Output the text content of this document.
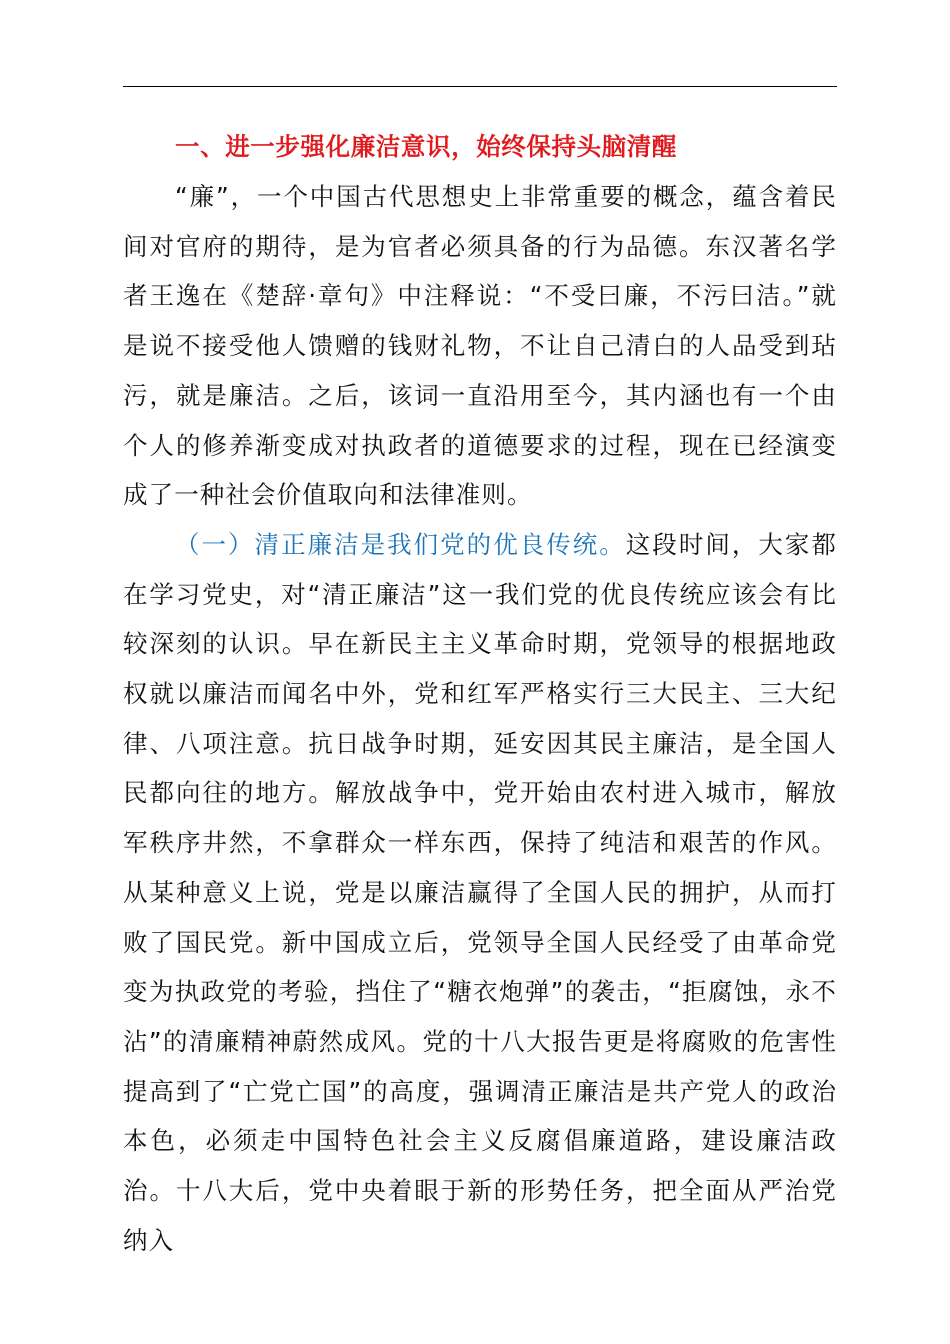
一、进一步强化廉洁意识，始终保持头脑清醒

“廉”，一个中国古代思想史上非常重要的概念，蕴含着民间对官府的期待，是为官者必须具备的行为品德。东汉著名学者王逸在《楚辞·章句》中注释说：“不受曰廉，不污曰洁。”就是说不接受他人馈赠的钱财礼物，不让自己清白的人品受到玷污，就是廉洁。之后，该词一直沿用至今，其内涵也有一个由个人的修养渐变成对执政者的道德要求的过程，现在已经演变成了一种社会价值取向和法律准则。

（一）清正廉洁是我们党的优良传统。这段时间，大家都在学习党史，对“清正廉洁”这一我们党的优良传统应该会有比较深刻的认识。早在新民主主义革命时期，党领导的根据地政权就以廉洁而闻名中外，党和红军严格实行三大民主、三大纪律、八项注意。抗日战争时期，延安因其民主廉洁，是全国人民都向往的地方。解放战争中，党开始由农村进入城市，解放军秩序井然，不拿群众一样东西，保持了纯洁和艰苦的作风。从某种意义上说，党是以廉洁赢得了全国人民的拥护，从而打败了国民党。新中国成立后，党领导全国人民经受了由革命党变为执政党的考验，挡住了“糖衣炮弹”的袭击，“拒腐蚀，永不沾”的清廉精神蔚然成风。党的十八大报告更是将腐败的危害性提高到了“亡党亡国”的高度，强调清正廉洁是共产党人的政治本色，必须走中国特色社会主义反腐倡廉道路，建设廉洁政治。十八大后，党中央着眼于新的形势任务，把全面从严治党纳入
